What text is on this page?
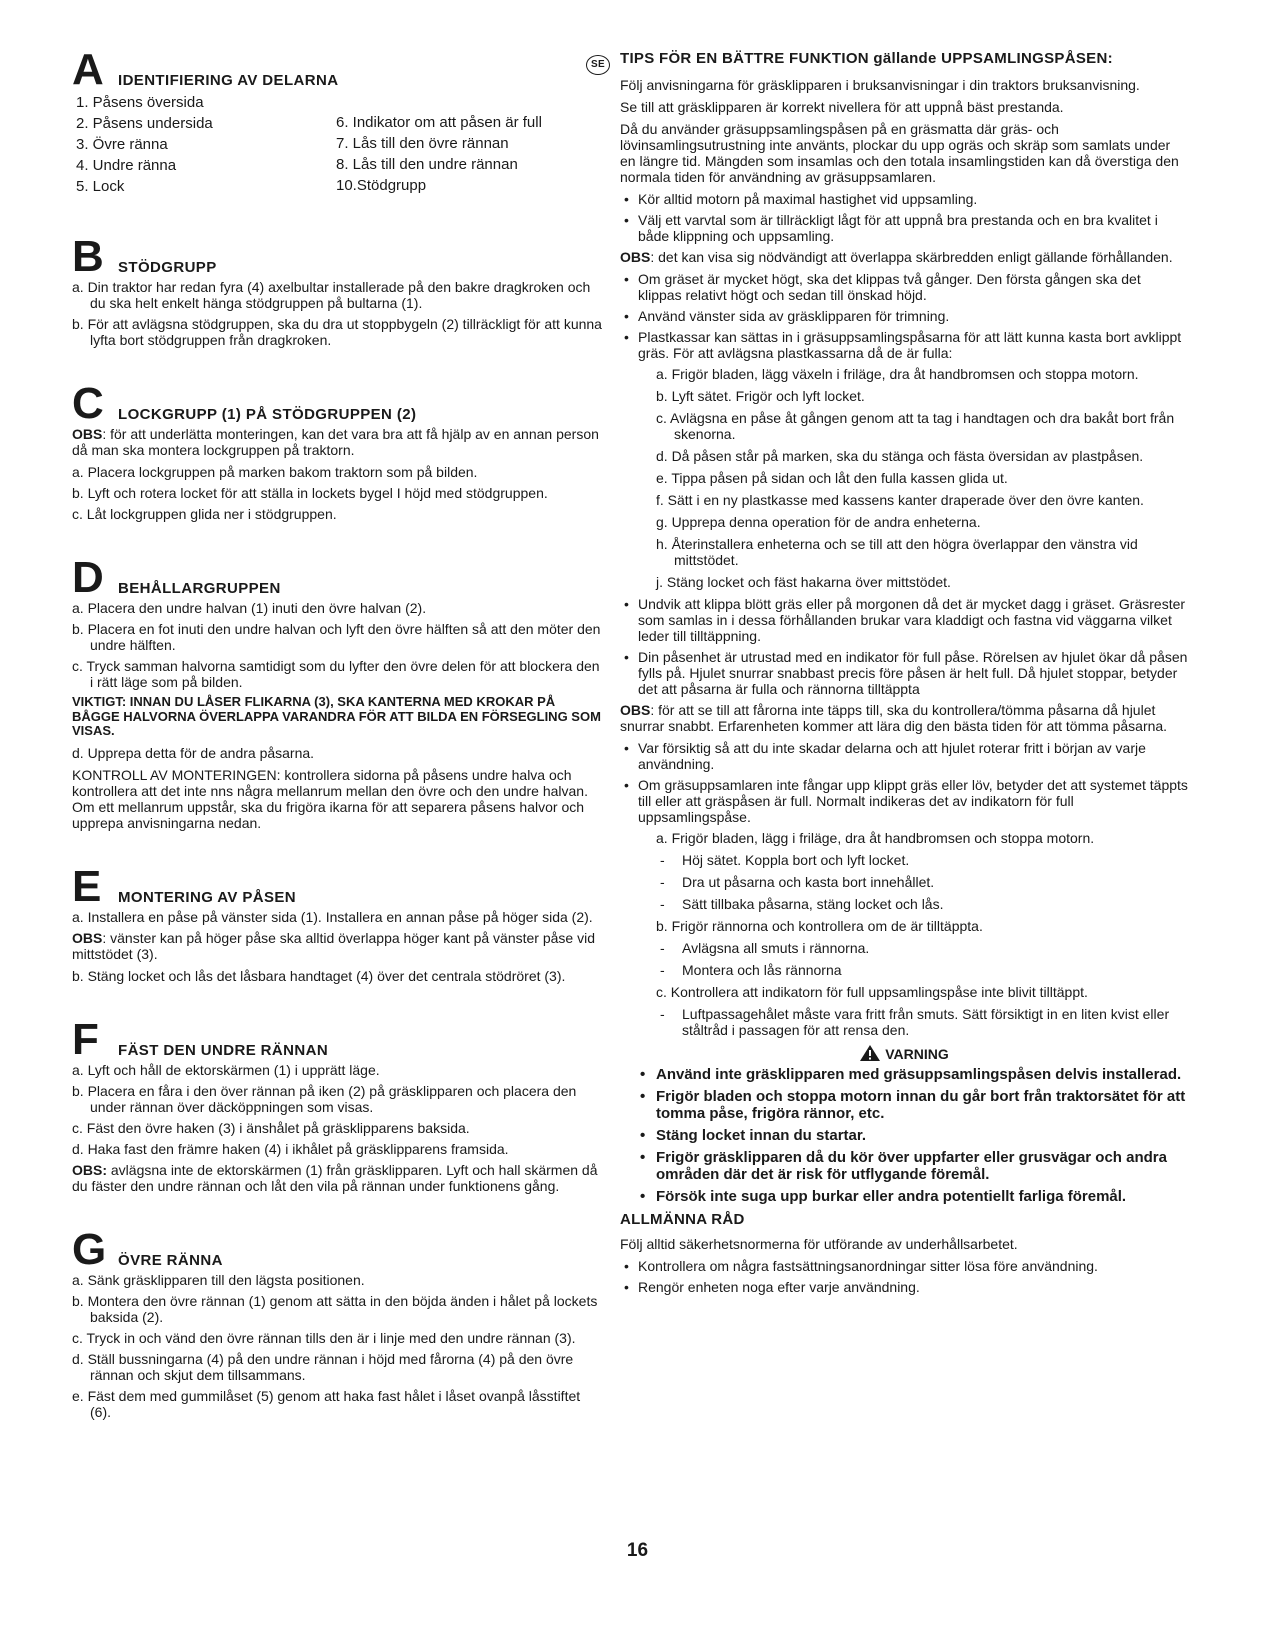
A IDENTIFIERING AV DELARNA
1. Påsens översida
2. Påsens undersida
3. Övre ränna
4. Undre ränna
5. Lock
6. Indikator om att påsen är full
7. Lås till den övre rännan
8. Lås till den undre rännan
10.Stödgrupp
B STÖDGRUPP
a. Din traktor har redan fyra (4) axelbultar installerade på den bakre dragkroken och du ska helt enkelt hänga stödgruppen på bultarna (1).
b. För att avlägsna stödgruppen, ska du dra ut stoppbygeln (2) tillräckligt för att kunna lyfta bort stödgruppen från dragkroken.
C LOCKGRUPP (1) PÅ STÖDGRUPPEN (2)
OBS: för att underlätta monteringen, kan det vara bra att få hjälp av en annan person då man ska montera lockgruppen på traktorn.
a. Placera lockgruppen på marken bakom traktorn som på bilden.
b. Lyft och rotera locket för att ställa in lockets bygel I höjd med stödgruppen.
c. Låt lockgruppen glida ner i stödgruppen.
D BEHÅLLARGRUPPEN
a. Placera den undre halvan (1) inuti den övre halvan (2).
b. Placera en fot inuti den undre halvan och lyft den övre hälften så att den möter den undre hälften.
c. Tryck samman halvorna samtidigt som du lyfter den övre delen för att blockera den i rätt läge som på bilden.
VIKTIGT: INNAN DU LÅSER FLIKARNA (3), SKA KANTERNA MED KROKAR PÅ BÅGGE HALVORNA ÖVERLAPPA VARANDRA FÖR ATT BILDA EN FÖRSEGLING SOM VISAS.
d. Upprepa detta för de andra påsarna.
KONTROLL AV MONTERINGEN: kontrollera sidorna på påsens undre halva och kontrollera att det inte nns några mellanrum mellan den övre och den undre halvan. Om ett mellanrum uppstår, ska du frigöra ikarna för att separera påsens halvor och upprepa anvisningarna nedan.
E	MONTERING AV PÅSEN
a. Installera en påse på vänster sida (1). Installera en annan påse på höger sida (2).
OBS: vänster kan på höger påse ska alltid överlappa höger kant på vänster påse vid mittstödet (3).
b. Stäng locket och lås det låsbara handtaget (4) över det centrala stödröret (3).
F	FÄST DEN UNDRE RÄNNAN
a. Lyft och håll de ektorskärmen (1) i upprätt läge.
b. Placera en fåra i den över rännan på iken (2) på gräsklipparen och placera den under rännan över däcköppningen som visas.
c. Fäst den övre haken (3) i änshålet på gräsklipparens baksida.
d. Haka fast den främre haken (4) i ikhålet på gräsklipparens framsida.
OBS: avlägsna inte de ektorskärmen (1) från gräsklipparen. Lyft och hall skärmen då du fäster den undre rännan och låt den vila på rännan under funktionens gång.
G ÖVRE RÄNNA
a. Sänk gräsklipparen till den lägsta positionen.
b. Montera den övre rännan (1) genom att sätta in den böjda änden i hålet på lockets baksida (2).
c. Tryck in och vänd den övre rännan tills den är i linje med den undre rännan (3).
d. Ställ bussningarna (4) på den undre rännan i höjd med fårorna (4) på den övre rännan och skjut dem tillsammans.
e. Fäst dem med gummilåset (5) genom att haka fast hålet i låset ovanpå låsstiftet (6).
SE	TIPS FÖR EN BÄTTRE FUNKTION gällande UPPSAMLINGSPÅSEN:
Följ anvisningarna för gräsklipparen i bruksanvisningar i din traktors bruksanvisning.
Se till att gräsklipparen är korrekt nivellera för att uppnå bäst prestanda.
Då du använder gräsuppsamlingspåsen på en gräsmatta där gräs- och lövinsamlingsutrustning inte använts, plockar du upp ogräs och skräp som samlats under en längre tid. Mängden som insamlas och den totala insamlingstiden kan då överstiga den normala tiden för användning av gräsuppsamlaren.
• Kör alltid motorn på maximal hastighet vid uppsamling.
• Välj ett varvtal som är tillräckligt lågt för att uppnå bra prestanda och en bra kvalitet i både klippning och uppsamling.
OBS: det kan visa sig nödvändigt att överlappa skärbredden enligt gällande förhållanden.
• Om gräset är mycket högt, ska det klippas två gånger. Den första gången ska det klippas relativt högt och sedan till önskad höjd.
• Använd vänster sida av gräsklipparen för trimning.
• Plastkassar kan sättas in i gräsuppsamlingspåsarna för att lätt kunna kasta bort avklippt gräs. För att avlägsna plastkassarna då de är fulla:
a. Frigör bladen, lägg växeln i friläge, dra åt handbromsen och stoppa motorn.
b. Lyft sätet. Frigör och lyft locket.
c. Avlägsna en påse åt gången genom att ta tag i handtagen och dra bakåt bort från skenorna.
d. Då påsen står på marken, ska du stänga och fästa översidan av plastpåsen.
e. Tippa påsen på sidan och låt den fulla kassen glida ut.
f. Sätt i en ny plastkasse med kassens kanter draperade över den övre kanten.
g. Upprepa denna operation för de andra enheterna.
h. Återinstallera enheterna och se till att den högra överlappar den vänstra vid mittstödet.
j. Stäng locket och fäst hakarna över mittstödet.
• Undvik att klippa blött gräs eller på morgonen då det är mycket dagg i gräset. Gräsrester som samlas in i dessa förhållanden brukar vara kladdigt och fastna vid väggarna vilket leder till tilltäppning.
• Din påsenhet är utrustad med en indikator för full påse. Rörelsen av hjulet ökar då påsen fylls på. Hjulet snurrar snabbast precis före påsen är helt full. Då hjulet stoppar, betyder det att påsarna är fulla och rännorna tilltäppta
OBS: för att se till att fårorna inte täpps till, ska du kontrollera/tömma påsarna då hjulet snurrar snabbt. Erfarenheten kommer att lära dig den bästa tiden för att tömma påsarna.
• Var försiktig så att du inte skadar delarna och att hjulet roterar fritt i början av varje användning.
• Om gräsuppsamlaren inte fångar upp klippt gräs eller löv, betyder det att systemet täppts till eller att gräspåsen är full. Normalt indikeras det av indikatorn för full uppsamlingspåse.
a. Frigör bladen, lägg i friläge, dra åt handbromsen och stoppa motorn.
- Höj sätet. Koppla bort och lyft locket.
- Dra ut påsarna och kasta bort innehållet.
- Sätt tillbaka påsarna, stäng locket och lås.
b. Frigör rännorna och kontrollera om de är tilltäppta.
- Avlägsna all smuts i rännorna.
- Montera och lås rännorna
c. Kontrollera att indikatorn för full uppsamlingspåse inte blivit tilltäppt.
- Luftpassagehålet måste vara fritt från smuts. Sätt försiktigt in en liten kvist eller ståltråd i passagen för att rensa den.
VARNING
• Använd inte gräsklipparen med gräsuppsamlingspåsen delvis installerad.
• Frigör bladen och stoppa motorn innan du går bort från traktorsätet för att tomma påse, frigöra rännor, etc.
• Stäng locket innan du startar.
• Frigör gräsklipparen då du kör över uppfarter eller grusvägar och andra områden där det är risk för utflygande föremål.
• Försök inte suga upp burkar eller andra potentiellt farliga föremål.
ALLMÄNNA RÅD
Följ alltid säkerhetsnormerna för utförande av underhållsarbetet.
• Kontrollera om några fastsättningsanordningar sitter lösa före användning.
• Rengör enheten noga efter varje användning.
16
